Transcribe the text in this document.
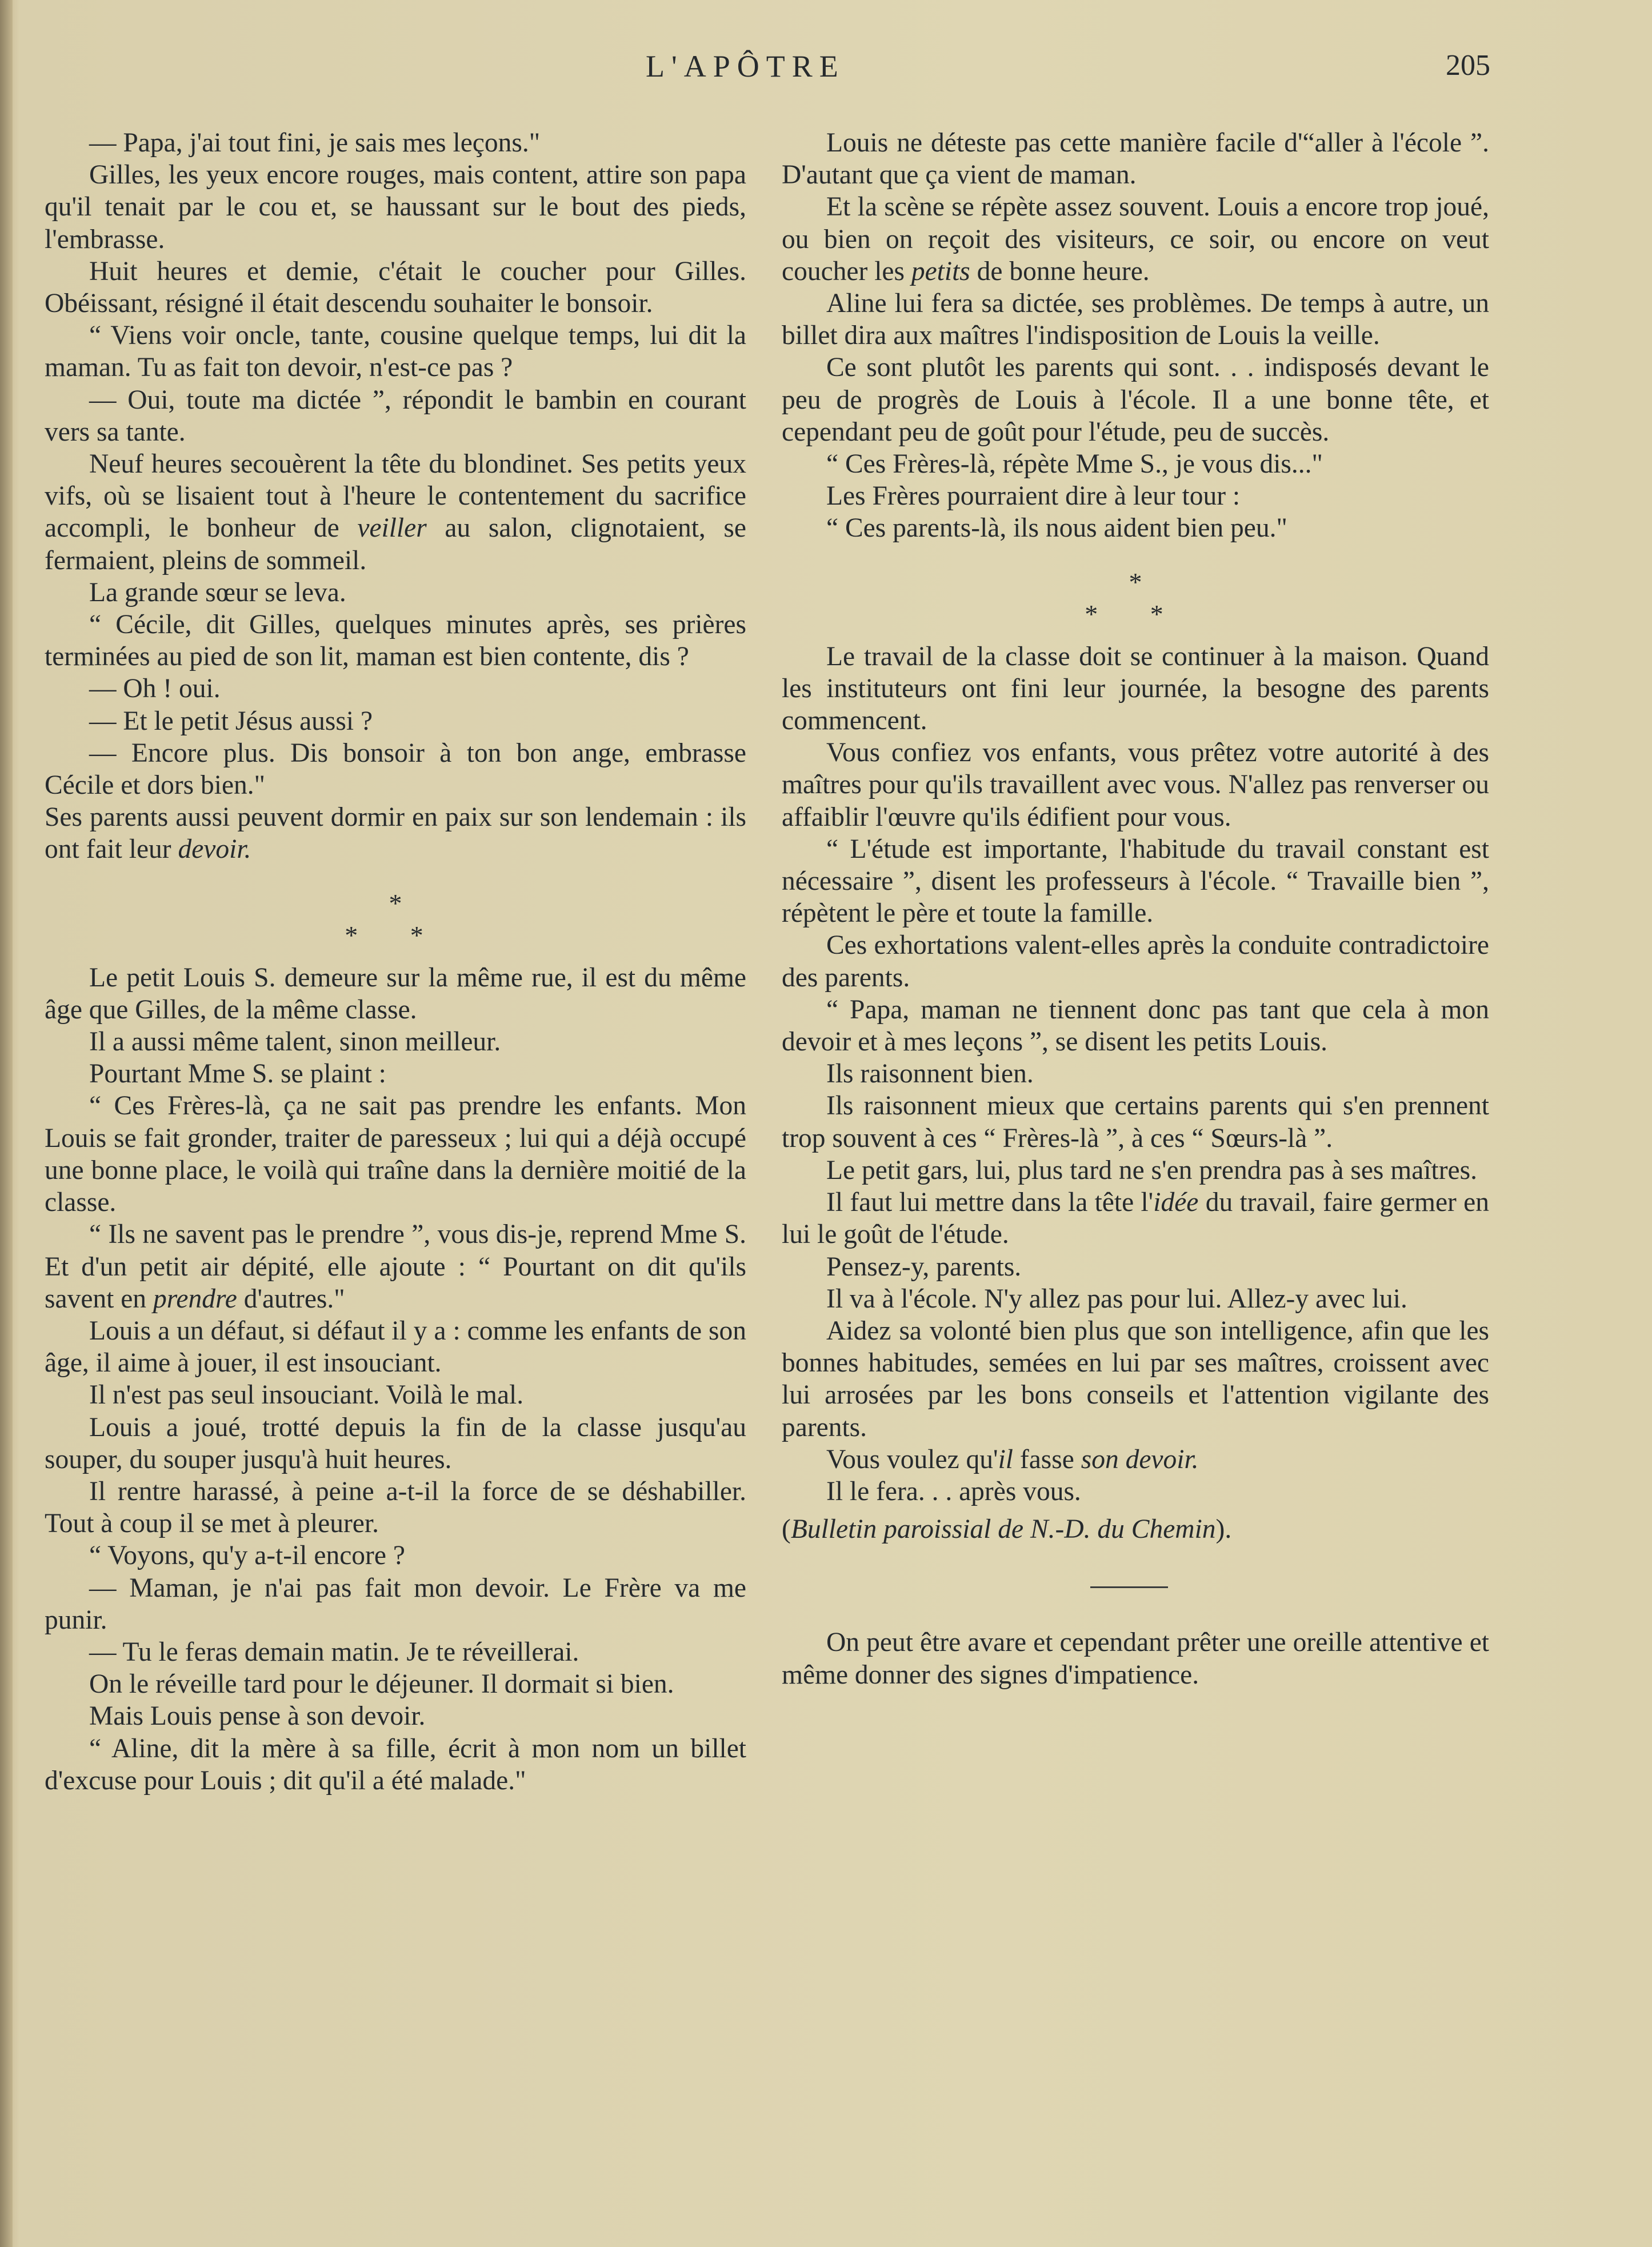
L'APÔTRE	205

— Papa, j'ai tout fini, je sais mes leçons."

Gilles, les yeux encore rouges, mais content, attire son papa qu'il tenait par le cou et, se haussant sur le bout des pieds, l'embrasse.

Huit heures et demie, c'était le coucher pour Gilles. Obéissant, résigné il était descendu souhaiter le bonsoir.

“ Viens voir oncle, tante, cousine quelque temps, lui dit la maman. Tu as fait ton devoir, n'est-ce pas ?

— Oui, toute ma dictée ”, répondit le bambin en courant vers sa tante.

Neuf heures secouèrent la tête du blondinet. Ses petits yeux vifs, où se lisaient tout à l'heure le contentement du sacrifice accompli, le bonheur de veiller au salon, clignotaient, se fermaient, pleins de sommeil.

La grande sœur se leva.

“ Cécile, dit Gilles, quelques minutes après, ses prières terminées au pied de son lit, maman est bien contente, dis ?

— Oh ! oui.

— Et le petit Jésus aussi ?

— Encore plus. Dis bonsoir à ton bon ange, embrasse Cécile et dors bien."

Ses parents aussi peuvent dormir en paix sur son lendemain : ils ont fait leur devoir.

*
* *

Le petit Louis S. demeure sur la même rue, il est du même âge que Gilles, de la même classe.

Il a aussi même talent, sinon meilleur.

Pourtant Mme S. se plaint :

“ Ces Frères-là, ça ne sait pas prendre les enfants. Mon Louis se fait gronder, traiter de paresseux ; lui qui a déjà occupé une bonne place, le voilà qui traîne dans la dernière moitié de la classe.

“ Ils ne savent pas le prendre ”, vous dis-je, reprend Mme S. Et d'un petit air dépité, elle ajoute : “ Pourtant on dit qu'ils savent en prendre d'autres."

Louis a un défaut, si défaut il y a : comme les enfants de son âge, il aime à jouer, il est insouciant.

Il n'est pas seul insouciant. Voilà le mal.

Louis a joué, trotté depuis la fin de la classe jusqu'au souper, du souper jusqu'à huit heures.

Il rentre harassé, à peine a-t-il la force de se déshabiller. Tout à coup il se met à pleurer.

“ Voyons, qu'y a-t-il encore ?

— Maman, je n'ai pas fait mon devoir. Le Frère va me punir.

— Tu le feras demain matin. Je te réveillerai.

On le réveille tard pour le déjeuner. Il dormait si bien.

Mais Louis pense à son devoir.

“ Aline, dit la mère à sa fille, écrit à mon nom un billet d'excuse pour Louis ; dit qu'il a été malade."

Louis ne déteste pas cette manière facile d'“aller à l'école ”. D'autant que ça vient de maman.

Et la scène se répète assez souvent. Louis a encore trop joué, ou bien on reçoit des visiteurs, ce soir, ou encore on veut coucher les petits de bonne heure.

Aline lui fera sa dictée, ses problèmes. De temps à autre, un billet dira aux maîtres l'indisposition de Louis la veille.

Ce sont plutôt les parents qui sont. . . indisposés devant le peu de progrès de Louis à l'école. Il a une bonne tête, et cependant peu de goût pour l'étude, peu de succès.

“ Ces Frères-là, répète Mme S., je vous dis..."

Les Frères pourraient dire à leur tour :

“ Ces parents-là, ils nous aident bien peu."

*
* *

Le travail de la classe doit se continuer à la maison. Quand les instituteurs ont fini leur journée, la besogne des parents commencent.

Vous confiez vos enfants, vous prêtez votre autorité à des maîtres pour qu'ils travaillent avec vous. N'allez pas renverser ou affaiblir l'œuvre qu'ils édifient pour vous.

“ L'étude est importante, l'habitude du travail constant est nécessaire ”, disent les professeurs à l'école. “ Travaille bien ”, répètent le père et toute la famille.

Ces exhortations valent-elles après la conduite contradictoire des parents.

“ Papa, maman ne tiennent donc pas tant que cela à mon devoir et à mes leçons ”, se disent les petits Louis.

Ils raisonnent bien.

Ils raisonnent mieux que certains parents qui s'en prennent trop souvent à ces “ Frères-là ”, à ces “ Sœurs-là ”.

Le petit gars, lui, plus tard ne s'en prendra pas à ses maîtres.

Il faut lui mettre dans la tête l'idée du travail, faire germer en lui le goût de l'étude.

Pensez-y, parents.

Il va à l'école. N'y allez pas pour lui. Allez-y avec lui.

Aidez sa volonté bien plus que son intelligence, afin que les bonnes habitudes, semées en lui par ses maîtres, croissent avec lui arrosées par les bons conseils et l'attention vigilante des parents.

Vous voulez qu'il fasse son devoir.

Il le fera. . . après vous.

(Bulletin paroissial de N.-D. du Chemin).

On peut être avare et cependant prêter une oreille attentive et même donner des signes d'impatience.
